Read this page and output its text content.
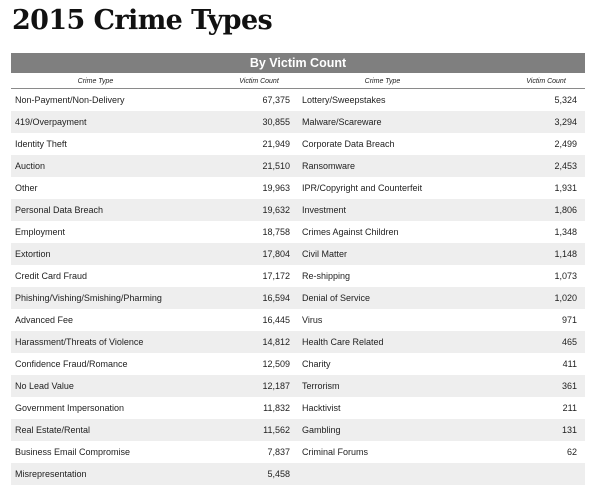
2015 Crime Types
By Victim Count
Crime Type	Victim Count
Non-Payment/Non-Delivery	67,375
419/Overpayment	30,855
Identity Theft	21,949
Auction	21,510
Other	19,963
Personal Data Breach	19,632
Employment	18,758
Extortion	17,804
Credit Card Fraud	17,172
Phishing/Vishing/Smishing/Pharming	16,594
Advanced Fee	16,445
Harassment/Threats of Violence	14,812
Confidence Fraud/Romance	12,509
No Lead Value	12,187
Government Impersonation	11,832
Real Estate/Rental	11,562
Business Email Compromise	7,837
Misrepresentation	5,458
Crime Type	Victim Count
Lottery/Sweepstakes	5,324
Malware/Scareware	3,294
Corporate Data Breach	2,499
Ransomware	2,453
IPR/Copyright and Counterfeit	1,931
Investment	1,806
Crimes Against Children	1,348
Civil Matter	1,148
Re-shipping	1,073
Denial of Service	1,020
Virus	971
Health Care Related	465
Charity	411
Terrorism	361
Hacktivist	211
Gambling	131
Criminal Forums	62
